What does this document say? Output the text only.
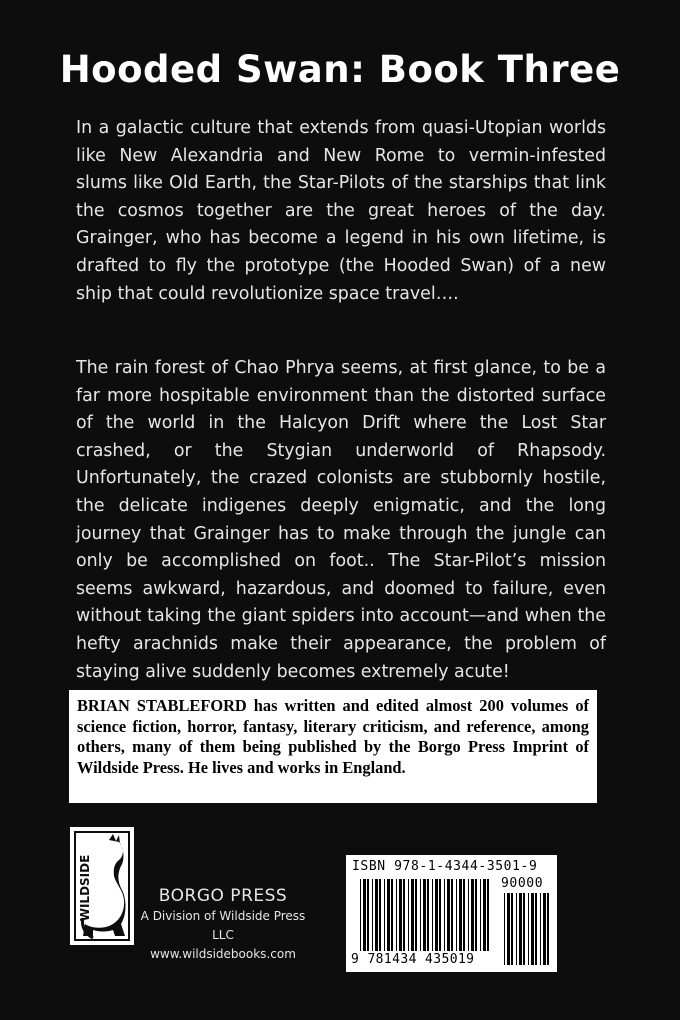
Hooded Swan: Book Three

In a galactic culture that extends from quasi-Utopian worlds like New Alexandria and New Rome to vermin-infested slums like Old Earth, the Star-Pilots of the starships that link the cosmos together are the great heroes of the day. Grainger, who has become a legend in his own lifetime, is drafted to fly the prototype (the Hooded Swan) of a new ship that could revolutionize space travel….

The rain forest of Chao Phrya seems, at first glance, to be a far more hospitable environment than the distorted surface of the world in the Halcyon Drift where the Lost Star crashed, or the Stygian underworld of Rhapsody. Unfortunately, the crazed colonists are stubbornly hostile, the delicate indigenes deeply enigmatic, and the long journey that Grainger has to make through the jungle can only be accomplished on foot.. The Star-Pilot’s mission seems awkward, hazardous, and doomed to failure, even without taking the giant spiders into account—and when the hefty arachnids make their appearance, the problem of staying alive suddenly becomes extremely acute!

BRIAN STABLEFORD has written and edited almost 200 volumes of science fiction, horror, fantasy, literary criticism, and reference, among others, many of them being published by the Borgo Press Imprint of Wildside Press. He lives and works in England.

WILDSIDE	BORGO PRESS
A Division of Wildside Press LLC
www.wildsidebooks.com
ISBN 978-1-4344-3501-9
90000
9 781434 435019
